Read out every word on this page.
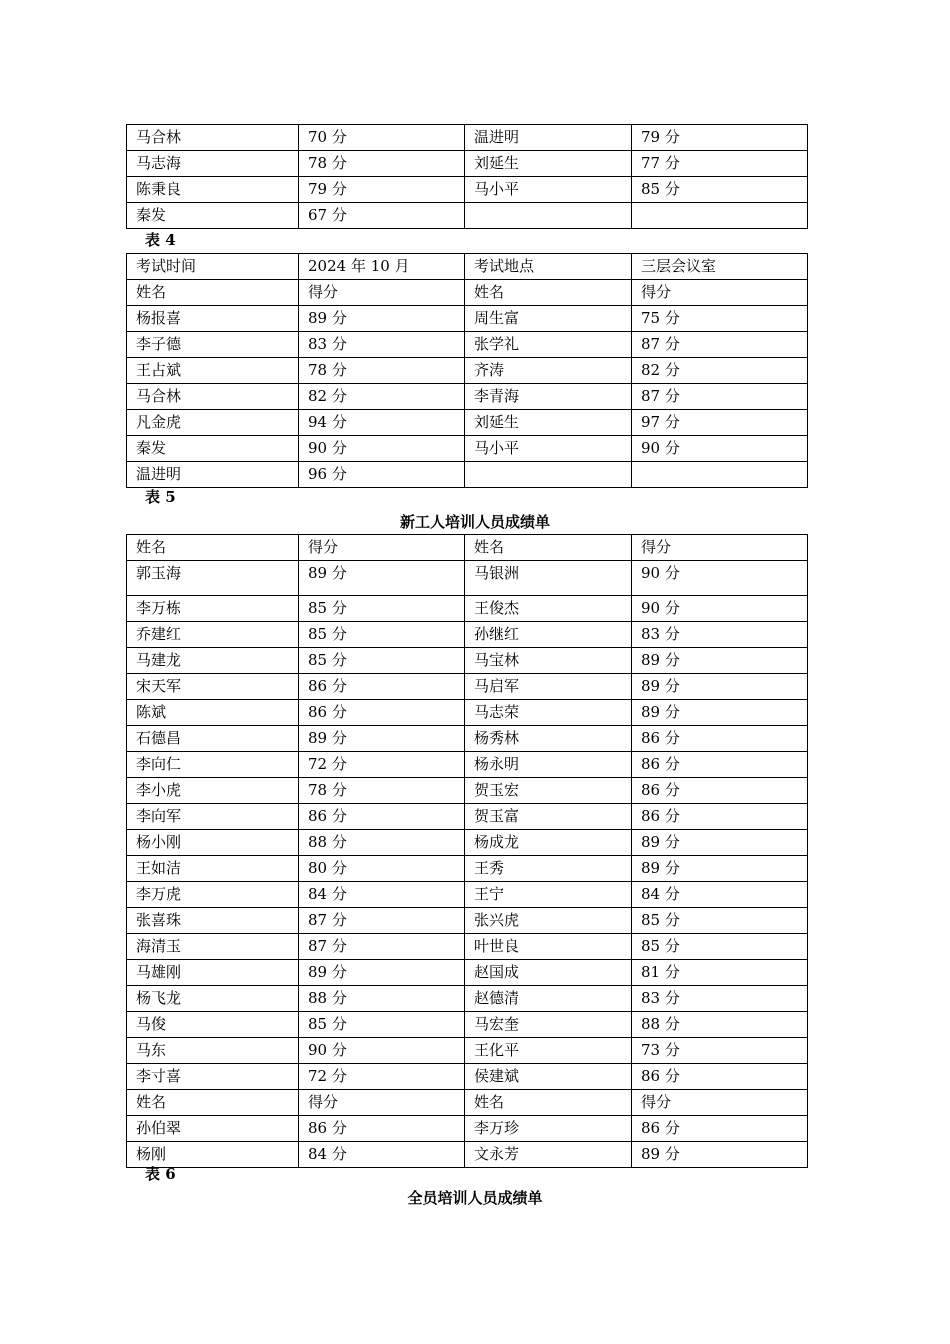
马合林	70 分	温进明	79 分
马志海	78 分	刘延生	77 分
陈秉良	79 分	马小平	85 分
秦发	67 分		
表 4
考试时间	2024 年 10 月	考试地点	三层会议室
姓名	得分	姓名	得分
杨报喜	89 分	周生富	75 分
李子德	83 分	张学礼	87 分
王占斌	78 分	齐涛	82 分
马合林	82 分	李青海	87 分
凡金虎	94 分	刘延生	97 分
秦发	90 分	马小平	90 分
温进明	96 分		
表 5
新工人培训人员成绩单
姓名	得分	姓名	得分
郭玉海	89 分	马银洲	90 分
李万栋	85 分	王俊杰	90 分
乔建红	85 分	孙继红	83 分
马建龙	85 分	马宝林	89 分
宋天军	86 分	马启军	89 分
陈斌	86 分	马志荣	89 分
石德昌	89 分	杨秀林	86 分
李向仁	72 分	杨永明	86 分
李小虎	78 分	贺玉宏	86 分
李向军	86 分	贺玉富	86 分
杨小刚	88 分	杨成龙	89 分
王如洁	80 分	王秀	89 分
李万虎	84 分	王宁	84 分
张喜珠	87 分	张兴虎	85 分
海清玉	87 分	叶世良	85 分
马雄刚	89 分	赵国成	81 分
杨飞龙	88 分	赵德清	83 分
马俊	85 分	马宏奎	88 分
马东	90 分	王化平	73 分
李寸喜	72 分	侯建斌	86 分
姓名	得分	姓名	得分
孙伯翠	86 分	李万珍	86 分
杨刚	84 分	文永芳	89 分
表 6
全员培训人员成绩单
